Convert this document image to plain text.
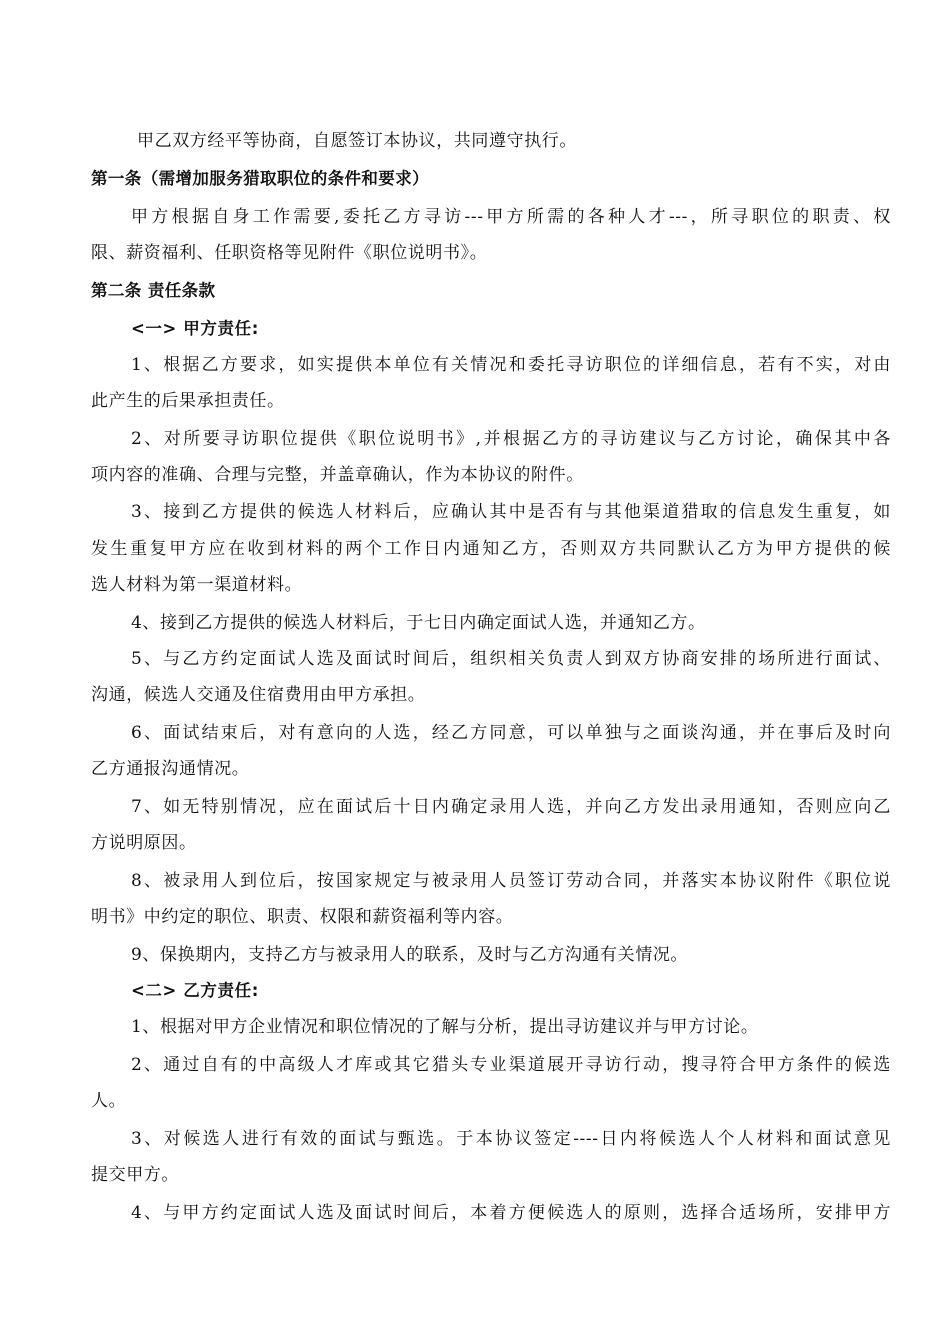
甲乙双方经平等协商，自愿签订本协议，共同遵守执行。
第一条（需增加服务猎取职位的条件和要求）
甲方根据自身工作需要,委托乙方寻访---甲方所需的各种人才---，所寻职位的职责、权
限、薪资福利、任职资格等见附件《职位说明书》。
第二条 责任条款
<一> 甲方责任:
1、根据乙方要求，如实提供本单位有关情况和委托寻访职位的详细信息，若有不实，对由
此产生的后果承担责任。
2、对所要寻访职位提供《职位说明书》,并根据乙方的寻访建议与乙方讨论，确保其中各
项内容的准确、合理与完整，并盖章确认，作为本协议的附件。
3、接到乙方提供的候选人材料后，应确认其中是否有与其他渠道猎取的信息发生重复，如
发生重复甲方应在收到材料的两个工作日内通知乙方，否则双方共同默认乙方为甲方提供的候
选人材料为第一渠道材料。
4、接到乙方提供的候选人材料后，于七日内确定面试人选，并通知乙方。
5、与乙方约定面试人选及面试时间后，组织相关负责人到双方协商安排的场所进行面试、
沟通，候选人交通及住宿费用由甲方承担。
6、面试结束后，对有意向的人选，经乙方同意，可以单独与之面谈沟通，并在事后及时向
乙方通报沟通情况。
7、如无特别情况，应在面试后十日内确定录用人选，并向乙方发出录用通知，否则应向乙
方说明原因。
8、被录用人到位后，按国家规定与被录用人员签订劳动合同，并落实本协议附件《职位说
明书》中约定的职位、职责、权限和薪资福利等内容。
9、保换期内，支持乙方与被录用人的联系，及时与乙方沟通有关情况。
<二> 乙方责任:
1、根据对甲方企业情况和职位情况的了解与分析，提出寻访建议并与甲方讨论。
2、通过自有的中高级人才库或其它猎头专业渠道展开寻访行动，搜寻符合甲方条件的候选
人。
3、对候选人进行有效的面试与甄选。于本协议签定----日内将候选人个人材料和面试意见
提交甲方。
4、与甲方约定面试人选及面试时间后，本着方便候选人的原则，选择合适场所，安排甲方
